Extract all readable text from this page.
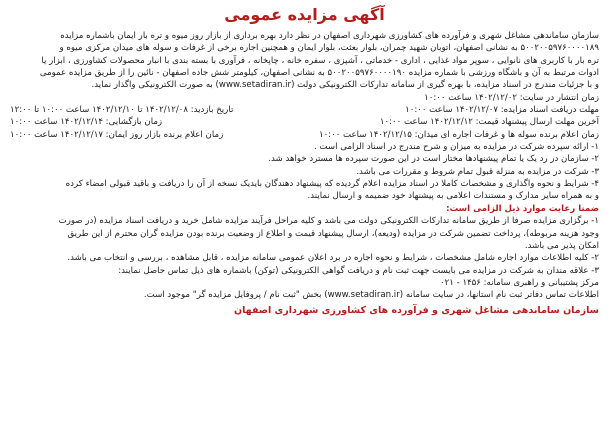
آگهی مزایده عمومی

سازمان ساماندهی مشاغل شهری و فرآورده های کشاورزی شهرداری اصفهان در نظر دارد بهره برداری از بازار روز میوه و تره بار ایمان باشماره مزایده

۵۰۰۲۰۰۵۹۷۶۰۰۰۰۱۸۹ به نشانی اصفهان، اتوبان شهید چمران، بلوار بعثت، بلوار ایمان و همچنین اجاره برخی از غرفات و سوله های میدان مرکزی میوه و

تره بار با کاربری های نانوایی ، سوپر مواد غذایی ، اداری - خدماتی ، آشپزی ، سفره خانه ، چاپخانه ، فرآوری با بسته بندی با انبار محصولات کشاورزی ، ابزار یا

ادوات مرتبط به آن و باشگاه ورزشی با شماره مزایده ۵۰۰۲۰۰۵۹۷۶۰۰۰۰۱۹۰ به نشانی اصفهان، کیلومتر شش جاده اصفهان - نائین را از طریق مزایده عمومی

و با جزئیات مندرج در اسناد مزایده، با بهره گیری از سامانه تدارکات الکترونیکی دولت (www.setadiran.ir) به صورت الکترونیکی واگذار نماید.

زمان انتشار در سایت: ۱۴۰۲/۱۲/۰۲ ساعت ۱۰:۰۰

مهلت دریافت اسناد مزایده: ۱۴۰۲/۱۲/۰۷ ساعت ۱۰:۰۰
تاریخ بازدید: ۱۴۰۲/۱۲/۰۸ تا ۱۴۰۲/۱۲/۱۰ ساعت ۱۰:۰۰ تا ۱۲:۰۰
آخرین مهلت ارسال پیشنهاد قیمت: ۱۴۰۲/۱۲/۱۲ ساعت ۱۰:۰۰
زمان بازگشایی: ۱۴۰۲/۱۲/۱۴ ساعت ۱۰:۰۰
زمان اعلام برنده سوله ها و غرفات اجاره ای میدان: ۱۴۰۲/۱۲/۱۵ ساعت ۱۰:۰۰
زمان اعلام برنده بازار روز ایمان: ۱۴۰۲/۱۲/۱۷ ساعت ۱۰:۰۰

۱- ارائه سپرده شرکت در مزایده به میزان و شرح مندرج در اسناد الزامی است .

۲- سازمان در رد یک یا تمام پیشنهادها مختار است در این صورت سپرده ها مسترد خواهد شد.

۳- شرکت در مزایده به منزله قبول تمام شروط و مقررات می باشد.

۴- شرایط و نحوه واگذاری و مشخصات کاملا در اسناد مزایده اعلام گردیده که پیشنهاد دهندگان بایدیک نسخه از آن را دریافت و باقید قبولی امضاء کرده

و به همراه سایر مدارک و مستندات اعلامی به پیشنهاد خود ضمیمه و ارسال نمایند.

ضمنا رعایت موارد ذیل الزامی است:

۱- برگزاری مزایده صرفا از طریق سامانه تدارکات الکترونیکی دولت می باشد و کلیه مراحل فرآیند مزایده شامل خرید و دریافت اسناد مزایده (در صورت

وجود هزینه مربوطه)، پرداخت تضمین شرکت در مزایده (ودیعه)، ارسال پیشنهاد قیمت و اطلاع از وضعیت برنده بودن مزایده گران محترم از این طریق

امکان پذیر می باشد.

۲- کلیه اطلاعات موارد اجاره شامل مشخصات ، شرایط و نحوه اجاره در برد اعلان عمومی سامانه مزایده ، قابل مشاهده ، بررسی و انتخاب می باشد.

۳- علاقه مندان به شرکت در مزایده می بایست جهت ثبت نام و دریافت گواهی الکترونیکی (توکن) باشماره های ذیل تماس حاصل نمایند:

مرکز پشتیبانی و راهبری سامانه: ۱۴۵۶ - ۰۲۱

اطلاعات تماس دفاتر ثبت نام استانها، در سایت سامانه (www.setadiran.ir) بخش "ثبت نام / پروفایل مزایده گر" موجود است.

سازمان ساماندهی مشاغل شهری و فرآورده های کشاورزی شهرداری اصفهان
